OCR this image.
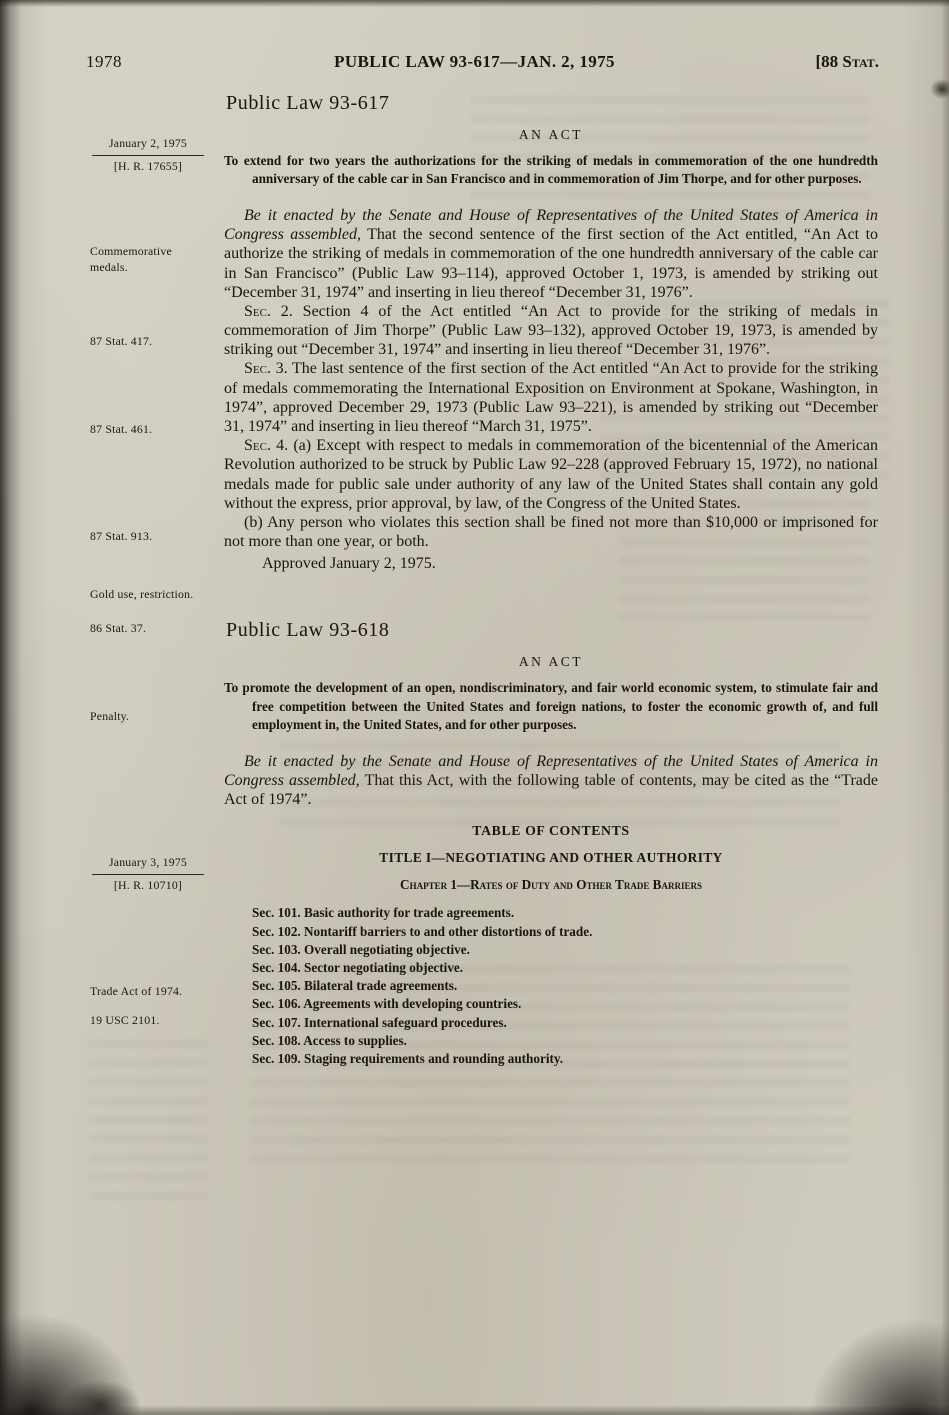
1978	PUBLIC LAW 93-617—JAN. 2, 1975	[88 Stat.
January 2, 1975
[H. R. 17655]
Commemorative medals.
87 Stat. 417.
87 Stat. 461.
87 Stat. 913.
Gold use, restriction.
86 Stat. 37.
Penalty.
January 3, 1975
[H. R. 10710]
Trade Act of 1974.
19 USC 2101.
Public Law 93-617
AN ACT

To extend for two years the authorizations for the striking of medals in commemoration of the one hundredth anniversary of the cable car in San Francisco and in commemoration of Jim Thorpe, and for other purposes.

Be it enacted by the Senate and House of Representatives of the United States of America in Congress assembled, That the second sentence of the first section of the Act entitled, “An Act to authorize the striking of medals in commemoration of the one hundredth anniversary of the cable car in San Francisco” (Public Law 93–114), approved October 1, 1973, is amended by striking out “December 31, 1974” and inserting in lieu thereof “December 31, 1976”.

Sec. 2. Section 4 of the Act entitled “An Act to provide for the striking of medals in commemoration of Jim Thorpe” (Public Law 93–132), approved October 19, 1973, is amended by striking out “December 31, 1974” and inserting in lieu thereof “December 31, 1976”.

Sec. 3. The last sentence of the first section of the Act entitled “An Act to provide for the striking of medals commemorating the International Exposition on Environment at Spokane, Washington, in 1974”, approved December 29, 1973 (Public Law 93–221), is amended by striking out “December 31, 1974” and inserting in lieu thereof “March 31, 1975”.

Sec. 4. (a) Except with respect to medals in commemoration of the bicentennial of the American Revolution authorized to be struck by Public Law 92–228 (approved February 15, 1972), no national medals made for public sale under authority of any law of the United States shall contain any gold without the express, prior approval, by law, of the Congress of the United States.

(b) Any person who violates this section shall be fined not more than $10,000 or imprisoned for not more than one year, or both.

Approved January 2, 1975.

Public Law 93-618
AN ACT

To promote the development of an open, nondiscriminatory, and fair world economic system, to stimulate fair and free competition between the United States and foreign nations, to foster the economic growth of, and full employment in, the United States, and for other purposes.

Be it enacted by the Senate and House of Representatives of the United States of America in Congress assembled, That this Act, with the following table of contents, may be cited as the “Trade Act of 1974”.

TABLE OF CONTENTS
TITLE I—NEGOTIATING AND OTHER AUTHORITY
Chapter 1—Rates of Duty and Other Trade Barriers
Sec. 101. Basic authority for trade agreements.
Sec. 102. Nontariff barriers to and other distortions of trade.
Sec. 103. Overall negotiating objective.
Sec. 104. Sector negotiating objective.
Sec. 105. Bilateral trade agreements.
Sec. 106. Agreements with developing countries.
Sec. 107. International safeguard procedures.
Sec. 108. Access to supplies.
Sec. 109. Staging requirements and rounding authority.
